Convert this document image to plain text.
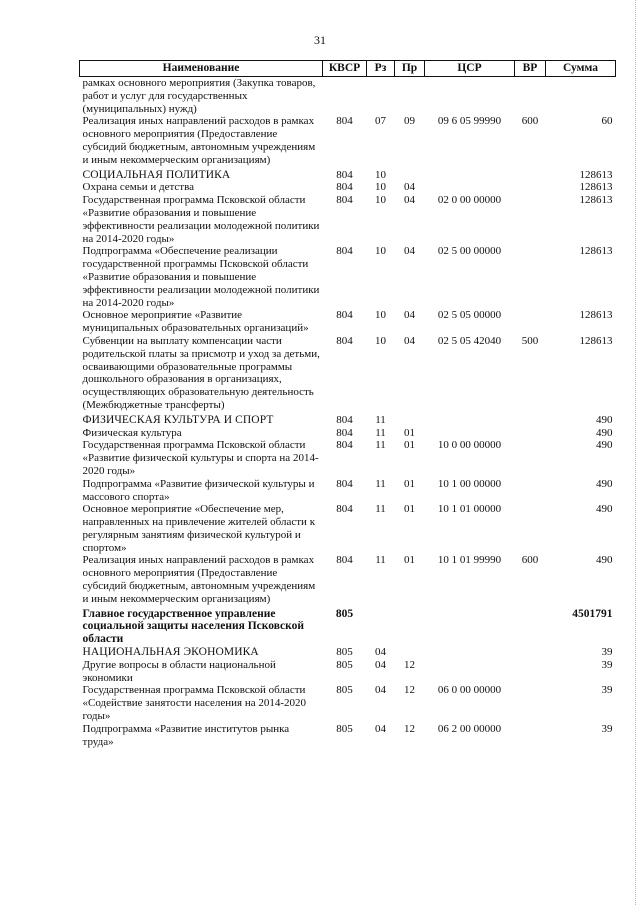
31
Наименование	КВСР	Рз	Пр	ЦСР	ВР	Сумма
рамках основного мероприятия (Закупка товаров, работ и услуг для государственных (муниципальных) нужд)						
Реализация иных направлений расходов в рамках основного мероприятия (Предоставление субсидий бюджетным, автономным учреждениям и иным некоммерческим организациям)	804	07	09	09 6 05 99990	600	60
СОЦИАЛЬНАЯ ПОЛИТИКА	804	10				128613
Охрана семьи и детства	804	10	04			128613
Государственная программа Псковской области «Развитие образования и повышение эффективности реализации молодежной политики на 2014-2020 годы»	804	10	04	02 0 00 00000		128613
Подпрограмма «Обеспечение реализации государственной программы Псковской области «Развитие образования и повышение эффективности реализации молодежной политики на 2014-2020 годы»	804	10	04	02 5 00 00000		128613
Основное мероприятие «Развитие муниципальных образовательных организаций»	804	10	04	02 5 05 00000		128613
Субвенции на выплату компенсации части родительской платы за присмотр и уход за детьми, осваивающими образовательные программы дошкольного образования в организациях, осуществляющих образовательную деятельность (Межбюджетные трансферты)	804	10	04	02 5 05 42040	500	128613
ФИЗИЧЕСКАЯ КУЛЬТУРА И СПОРТ	804	11				490
Физическая культура	804	11	01			490
Государственная программа Псковской области «Развитие физической культуры и спорта на 2014-2020 годы»	804	11	01	10 0 00 00000		490
Подпрограмма «Развитие физической культуры и массового спорта»	804	11	01	10 1 00 00000		490
Основное мероприятие «Обеспечение мер, направленных на привлечение жителей области к регулярным занятиям физической культурой и спортом»	804	11	01	10 1 01 00000		490
Реализация иных направлений расходов в рамках основного мероприятия (Предоставление субсидий бюджетным, автономным учреждениям и иным некоммерческим организациям)	804	11	01	10 1 01 99990	600	490
Главное государственное управление социальной защиты населения Псковской области	805					4501791
НАЦИОНАЛЬНАЯ ЭКОНОМИКА	805	04				39
Другие вопросы в области национальной экономики	805	04	12			39
Государственная программа Псковской области «Содействие занятости населения на 2014-2020 годы»	805	04	12	06 0 00 00000		39
Подпрограмма «Развитие институтов рынка труда»	805	04	12	06 2 00 00000		39
